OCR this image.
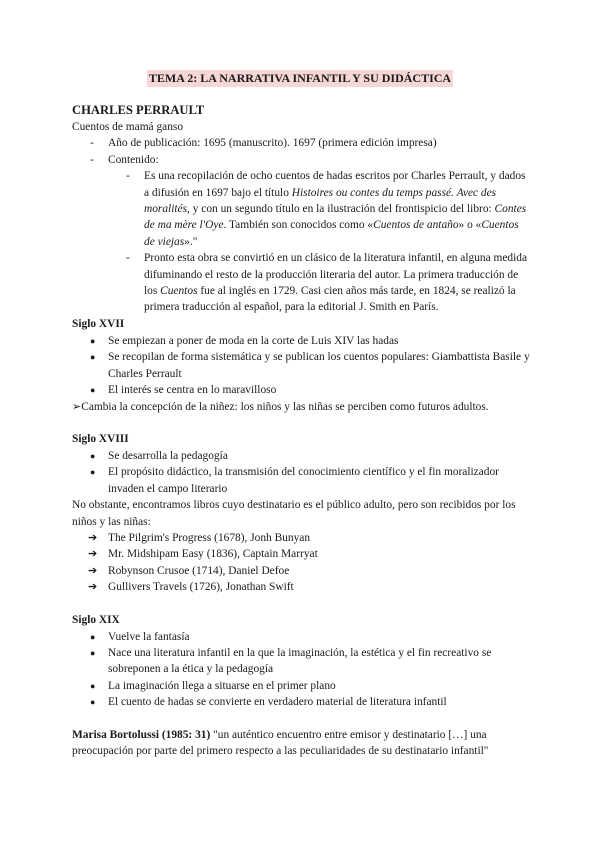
TEMA 2: LA NARRATIVA INFANTIL Y SU DIDÁCTICA

CHARLES PERRAULT

Cuentos de mamá ganso

- Año de publicación: 1695 (manuscrito). 1697 (primera edición impresa)
- Contenido:
- Es una recopilación de ocho cuentos de hadas escritos por Charles Perrault, y dados a difusión en 1697 bajo el título Histoires ou contes du temps passé. Avec des moralités, y con un segundo título en la ilustración del frontispicio del libro: Contes de ma mère l'Oye. También son conocidos como «Cuentos de antaño» o «Cuentos de viejas»."
- Pronto esta obra se convirtió en un clásico de la literatura infantil, en alguna medida difuminando el resto de la producción literaria del autor. La primera traducción de los Cuentos fue al inglés en 1729. Casi cien años más tarde, en 1824, se realizó la primera traducción al español, para la editorial J. Smith en París.

Siglo XVII

● Se empiezan a poner de moda en la corte de Luis XIV las hadas
● Se recopilan de forma sistemática y se publican los cuentos populares: Giambattista Basile y Charles Perrault
● El interés se centra en lo maravilloso

➢Cambia la concepción de la niñez: los niños y las niñas se perciben como futuros adultos.

Siglo XVIII

● Se desarrolla la pedagogía
● El propósito didáctico, la transmisión del conocimiento científico y el fin moralizador invaden el campo literario

No obstante, encontramos libros cuyo destinatario es el público adulto, pero son recibidos por los niños y las niñas:

➔ The Pilgrim's Progress (1678), Jonh Bunyan
➔ Mr. Midshipam Easy (1836), Captain Marryat
➔ Robynson Crusoe (1714), Daniel Defoe
➔ Gullivers Travels (1726), Jonathan Swift

Siglo XIX

● Vuelve la fantasía
● Nace una literatura infantil en la que la imaginación, la estética y el fin recreativo se sobreponen a la ética y la pedagogía
● La imaginación llega a situarse en el primer plano
● El cuento de hadas se convierte en verdadero material de literatura infantil

Marisa Bortolussi (1985: 31) "un auténtico encuentro entre emisor y destinatario […] una preocupación por parte del primero respecto a las peculiaridades de su destinatario infantil"
